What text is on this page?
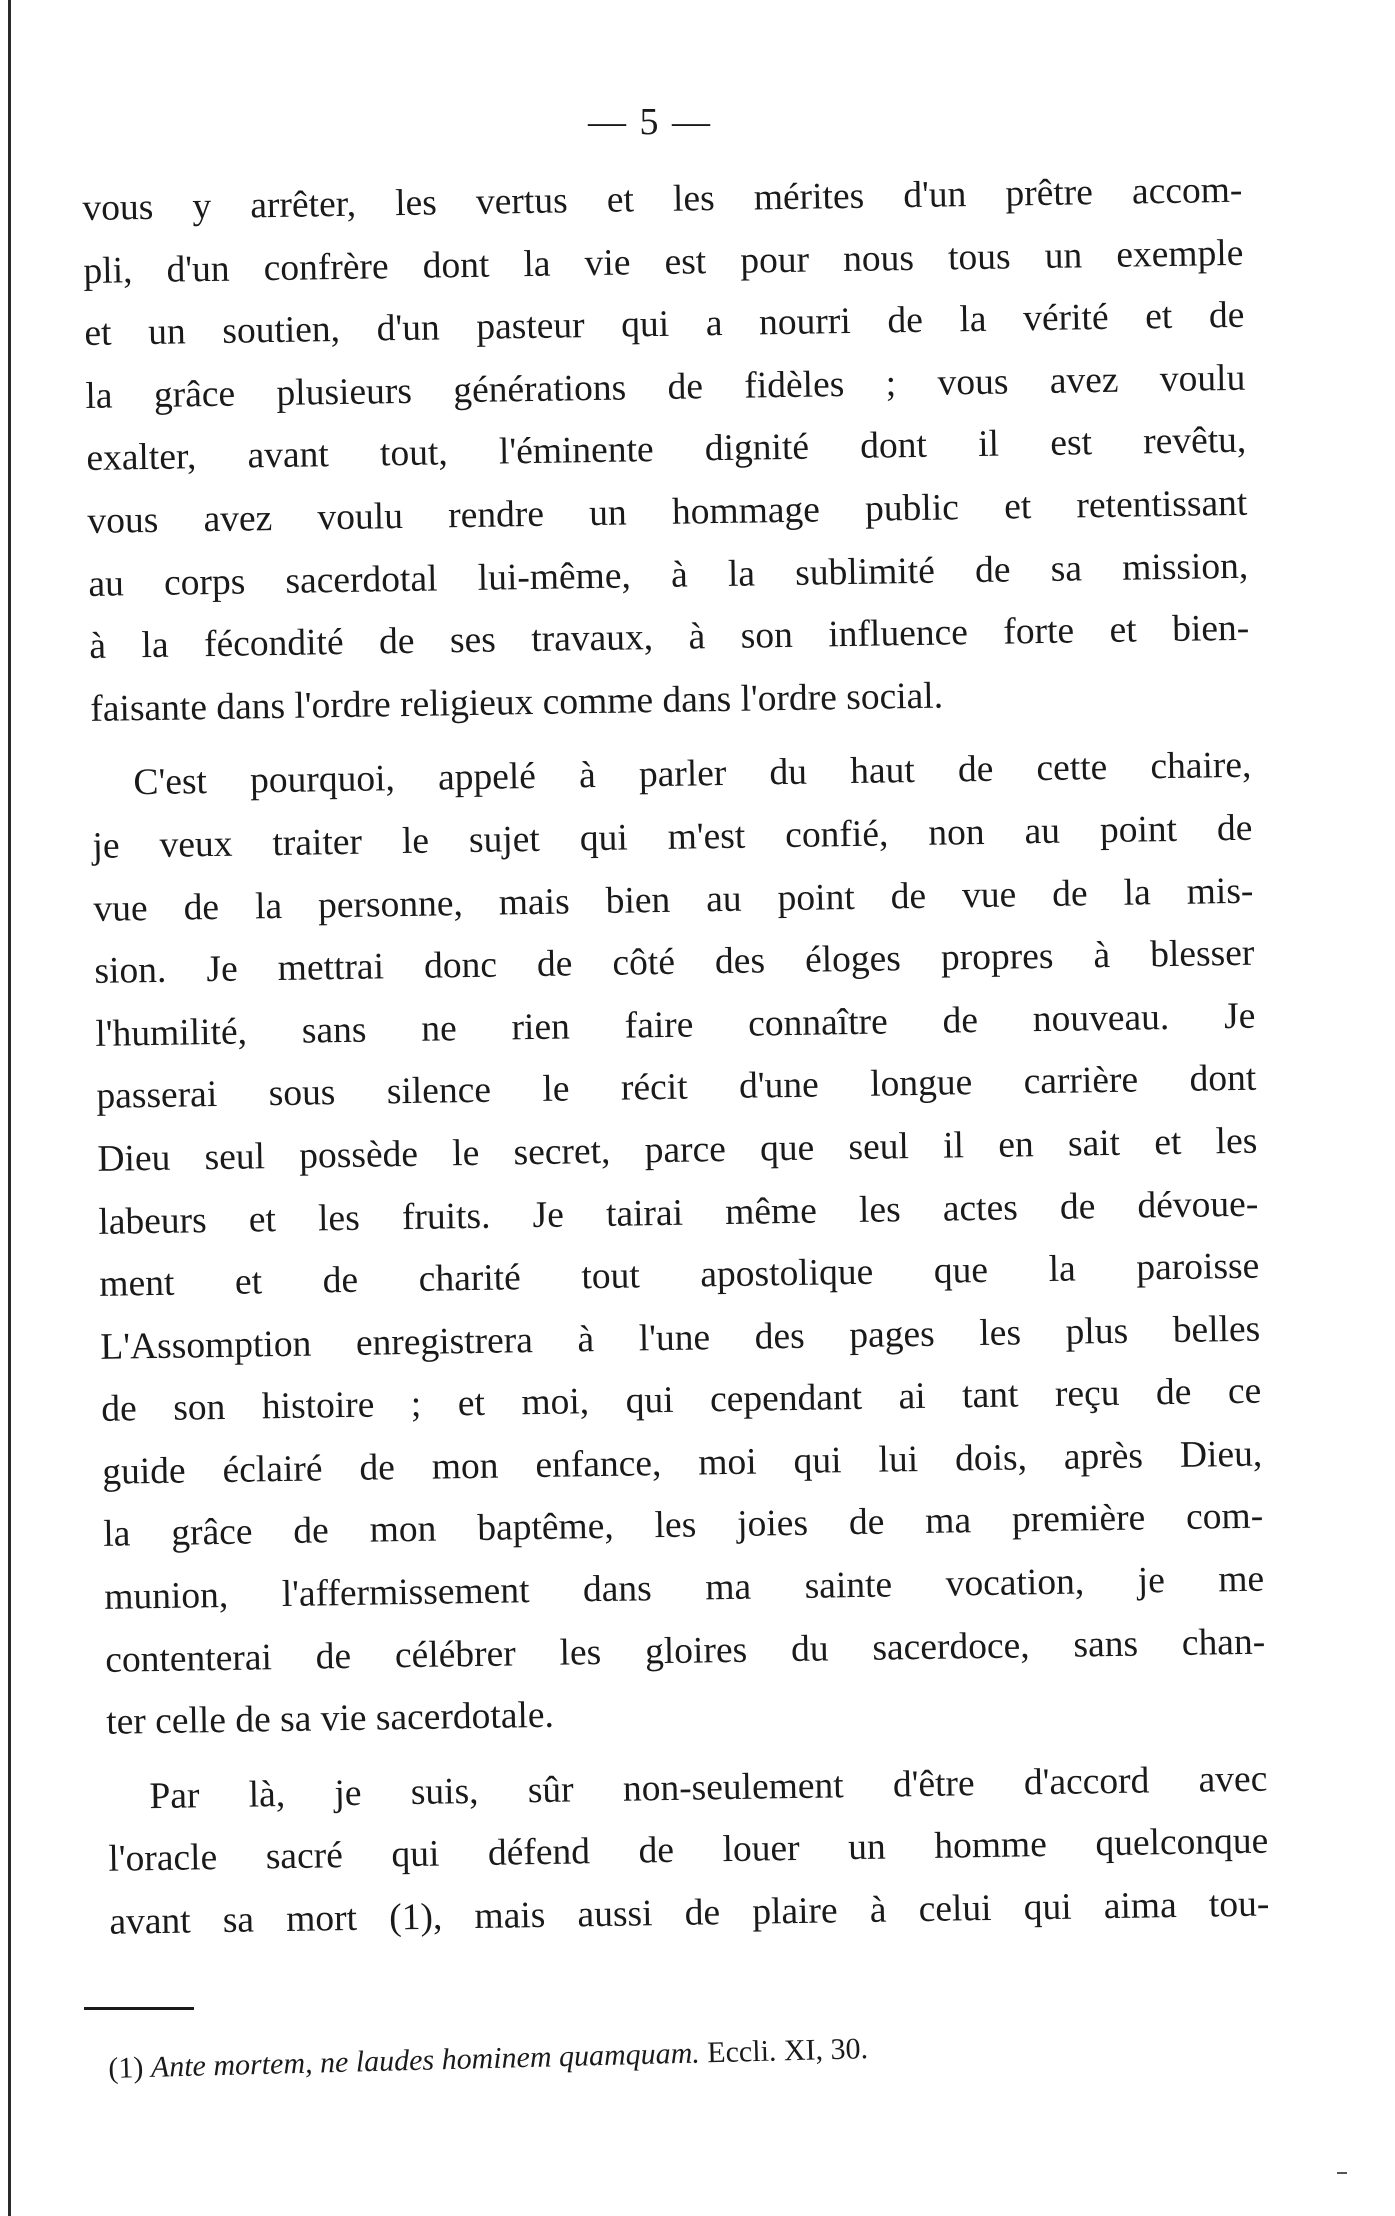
— 5 —
vous y arrêter, les vertus et les mérites d'un prêtre accom-
pli, d'un confrère dont la vie est pour nous tous un exemple
et un soutien, d'un pasteur qui a nourri de la vérité et de
la grâce plusieurs générations de fidèles ; vous avez voulu
exalter, avant tout, l'éminente dignité dont il est revêtu,
vous avez voulu rendre un hommage public et retentissant
au corps sacerdotal lui-même, à la sublimité de sa mission,
à la fécondité de ses travaux, à son influence forte et bien-
faisante dans l'ordre religieux comme dans l'ordre social.
C'est pourquoi, appelé à parler du haut de cette chaire,
je veux traiter le sujet qui m'est confié, non au point de
vue de la personne, mais bien au point de vue de la mis-
sion. Je mettrai donc de côté des éloges propres à blesser
l'humilité, sans ne rien faire connaître de nouveau. Je
passerai sous silence le récit d'une longue carrière dont
Dieu seul possède le secret, parce que seul il en sait et les
labeurs et les fruits. Je tairai même les actes de dévoue-
ment et de charité tout apostolique que la paroisse
L'Assomption enregistrera à l'une des pages les plus belles
de son histoire ; et moi, qui cependant ai tant reçu de ce
guide éclairé de mon enfance, moi qui lui dois, après Dieu,
la grâce de mon baptême, les joies de ma première com-
munion, l'affermissement dans ma sainte vocation, je me
contenterai de célébrer les gloires du sacerdoce, sans chan-
ter celle de sa vie sacerdotale.
Par là, je suis, sûr non-seulement d'être d'accord avec
l'oracle sacré qui défend de louer un homme quelconque
avant sa mort (1), mais aussi de plaire à celui qui aima tou-
(1) Ante mortem, ne laudes hominem quamquam. Eccli. XI, 30.
